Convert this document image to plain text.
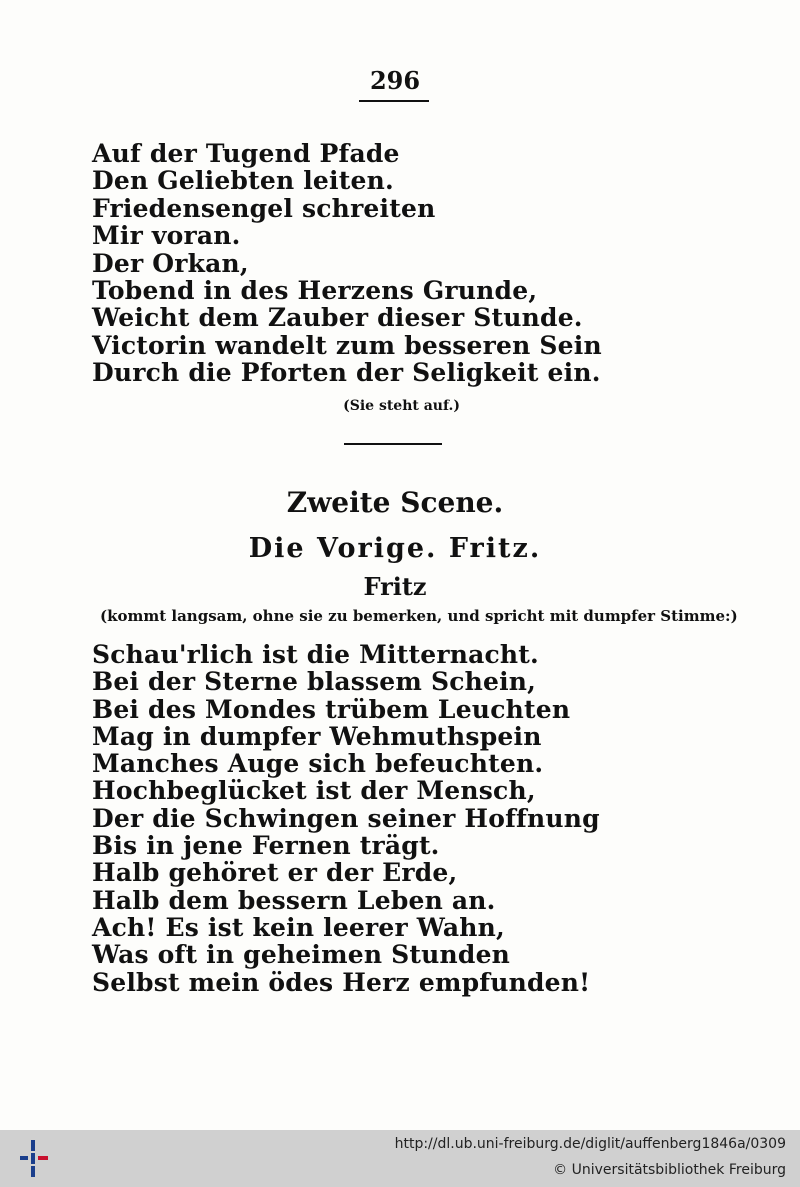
296
Auf der Tugend Pfade
Den Geliebten leiten.
Friedensengel schreiten
Mir voran.
Der Orkan,
Tobend in des Herzens Grunde,
Weicht dem Zauber dieser Stunde.
Victorin wandelt zum besseren Sein
Durch die Pforten der Seligkeit ein.
(Sie steht auf.)
Zweite Scene.
Die Vorige. Fritz.
Fritz
(kommt langsam, ohne sie zu bemerken, und spricht mit dumpfer Stimme:)
Schau'rlich ist die Mitternacht.
Bei der Sterne blassem Schein,
Bei des Mondes trübem Leuchten
Mag in dumpfer Wehmuthspein
Manches Auge sich befeuchten.
Hochbeglücket ist der Mensch,
Der die Schwingen seiner Hoffnung
Bis in jene Fernen trägt.
Halb gehöret er der Erde,
Halb dem bessern Leben an.
Ach! Es ist kein leerer Wahn,
Was oft in geheimen Stunden
Selbst mein ödes Herz empfunden!
http://dl.ub.uni-freiburg.de/diglit/auffenberg1846a/0309
© Universitätsbibliothek Freiburg
